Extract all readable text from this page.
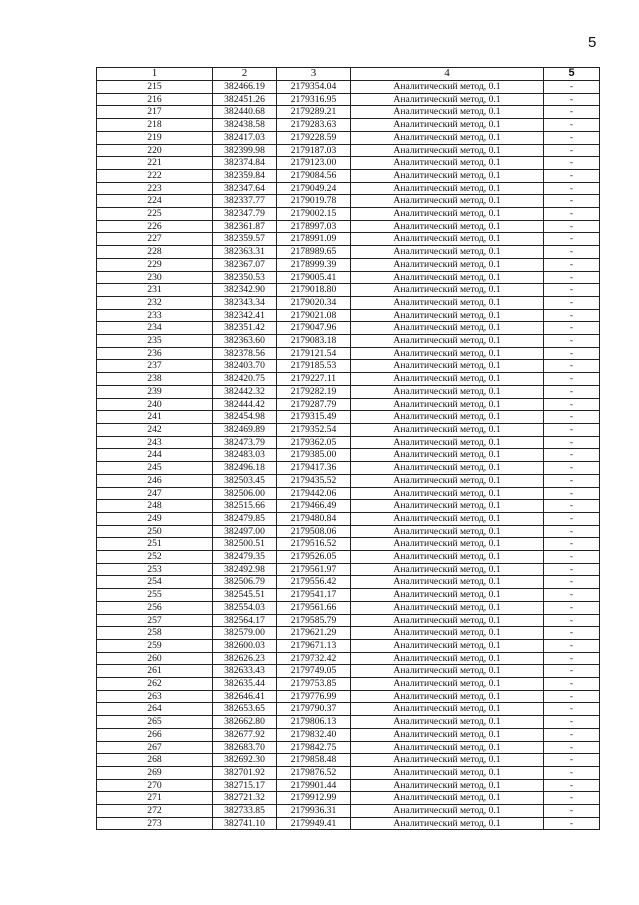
5
1	2	3	4	5
215	382466.19	2179354.04	Аналитический метод, 0.1	-
216	382451.26	2179316.95	Аналитический метод, 0.1	-
217	382440.68	2179289.21	Аналитический метод, 0.1	-
218	382438.58	2179283.63	Аналитический метод, 0.1	-
219	382417.03	2179228.59	Аналитический метод, 0.1	-
220	382399.98	2179187.03	Аналитический метод, 0.1	-
221	382374.84	2179123.00	Аналитический метод, 0.1	-
222	382359.84	2179084.56	Аналитический метод, 0.1	-
223	382347.64	2179049.24	Аналитический метод, 0.1	-
224	382337.77	2179019.78	Аналитический метод, 0.1	-
225	382347.79	2179002.15	Аналитический метод, 0.1	-
226	382361.87	2178997.03	Аналитический метод, 0.1	-
227	382359.57	2178991.09	Аналитический метод, 0.1	-
228	382363.31	2178989.65	Аналитический метод, 0.1	-
229	382367.07	2178999.39	Аналитический метод, 0.1	-
230	382350.53	2179005.41	Аналитический метод, 0.1	-
231	382342.90	2179018.80	Аналитический метод, 0.1	-
232	382343.34	2179020.34	Аналитический метод, 0.1	-
233	382342.41	2179021.08	Аналитический метод, 0.1	-
234	382351.42	2179047.96	Аналитический метод, 0.1	-
235	382363.60	2179083.18	Аналитический метод, 0.1	-
236	382378.56	2179121.54	Аналитический метод, 0.1	-
237	382403.70	2179185.53	Аналитический метод, 0.1	-
238	382420.75	2179227.11	Аналитический метод, 0.1	-
239	382442.32	2179282.19	Аналитический метод, 0.1	-
240	382444.42	2179287.79	Аналитический метод, 0.1	-
241	382454.98	2179315.49	Аналитический метод, 0.1	-
242	382469.89	2179352.54	Аналитический метод, 0.1	-
243	382473.79	2179362.05	Аналитический метод, 0.1	-
244	382483.03	2179385.00	Аналитический метод, 0.1	-
245	382496.18	2179417.36	Аналитический метод, 0.1	-
246	382503.45	2179435.52	Аналитический метод, 0.1	-
247	382506.00	2179442.06	Аналитический метод, 0.1	-
248	382515.66	2179466.49	Аналитический метод, 0.1	-
249	382479.85	2179480.84	Аналитический метод, 0.1	-
250	382497.00	2179508.06	Аналитический метод, 0.1	-
251	382500.51	2179516.52	Аналитический метод, 0.1	-
252	382479.35	2179526.05	Аналитический метод, 0.1	-
253	382492.98	2179561.97	Аналитический метод, 0.1	-
254	382506.79	2179556.42	Аналитический метод, 0.1	-
255	382545.51	2179541.17	Аналитический метод, 0.1	-
256	382554.03	2179561.66	Аналитический метод, 0.1	-
257	382564.17	2179585.79	Аналитический метод, 0.1	-
258	382579.00	2179621.29	Аналитический метод, 0.1	-
259	382600.03	2179671.13	Аналитический метод, 0.1	-
260	382626.23	2179732.42	Аналитический метод, 0.1	-
261	382633.43	2179749.05	Аналитический метод, 0.1	-
262	382635.44	2179753.85	Аналитический метод, 0.1	-
263	382646.41	2179776.99	Аналитический метод, 0.1	-
264	382653.65	2179790.37	Аналитический метод, 0.1	-
265	382662.80	2179806.13	Аналитический метод, 0.1	-
266	382677.92	2179832.40	Аналитический метод, 0.1	-
267	382683.70	2179842.75	Аналитический метод, 0.1	-
268	382692.30	2179858.48	Аналитический метод, 0.1	-
269	382701.92	2179876.52	Аналитический метод, 0.1	-
270	382715.17	2179901.44	Аналитический метод, 0.1	-
271	382721.32	2179912.99	Аналитический метод, 0.1	-
272	382733.85	2179936.31	Аналитический метод, 0.1	-
273	382741.10	2179949.41	Аналитический метод, 0.1	-
